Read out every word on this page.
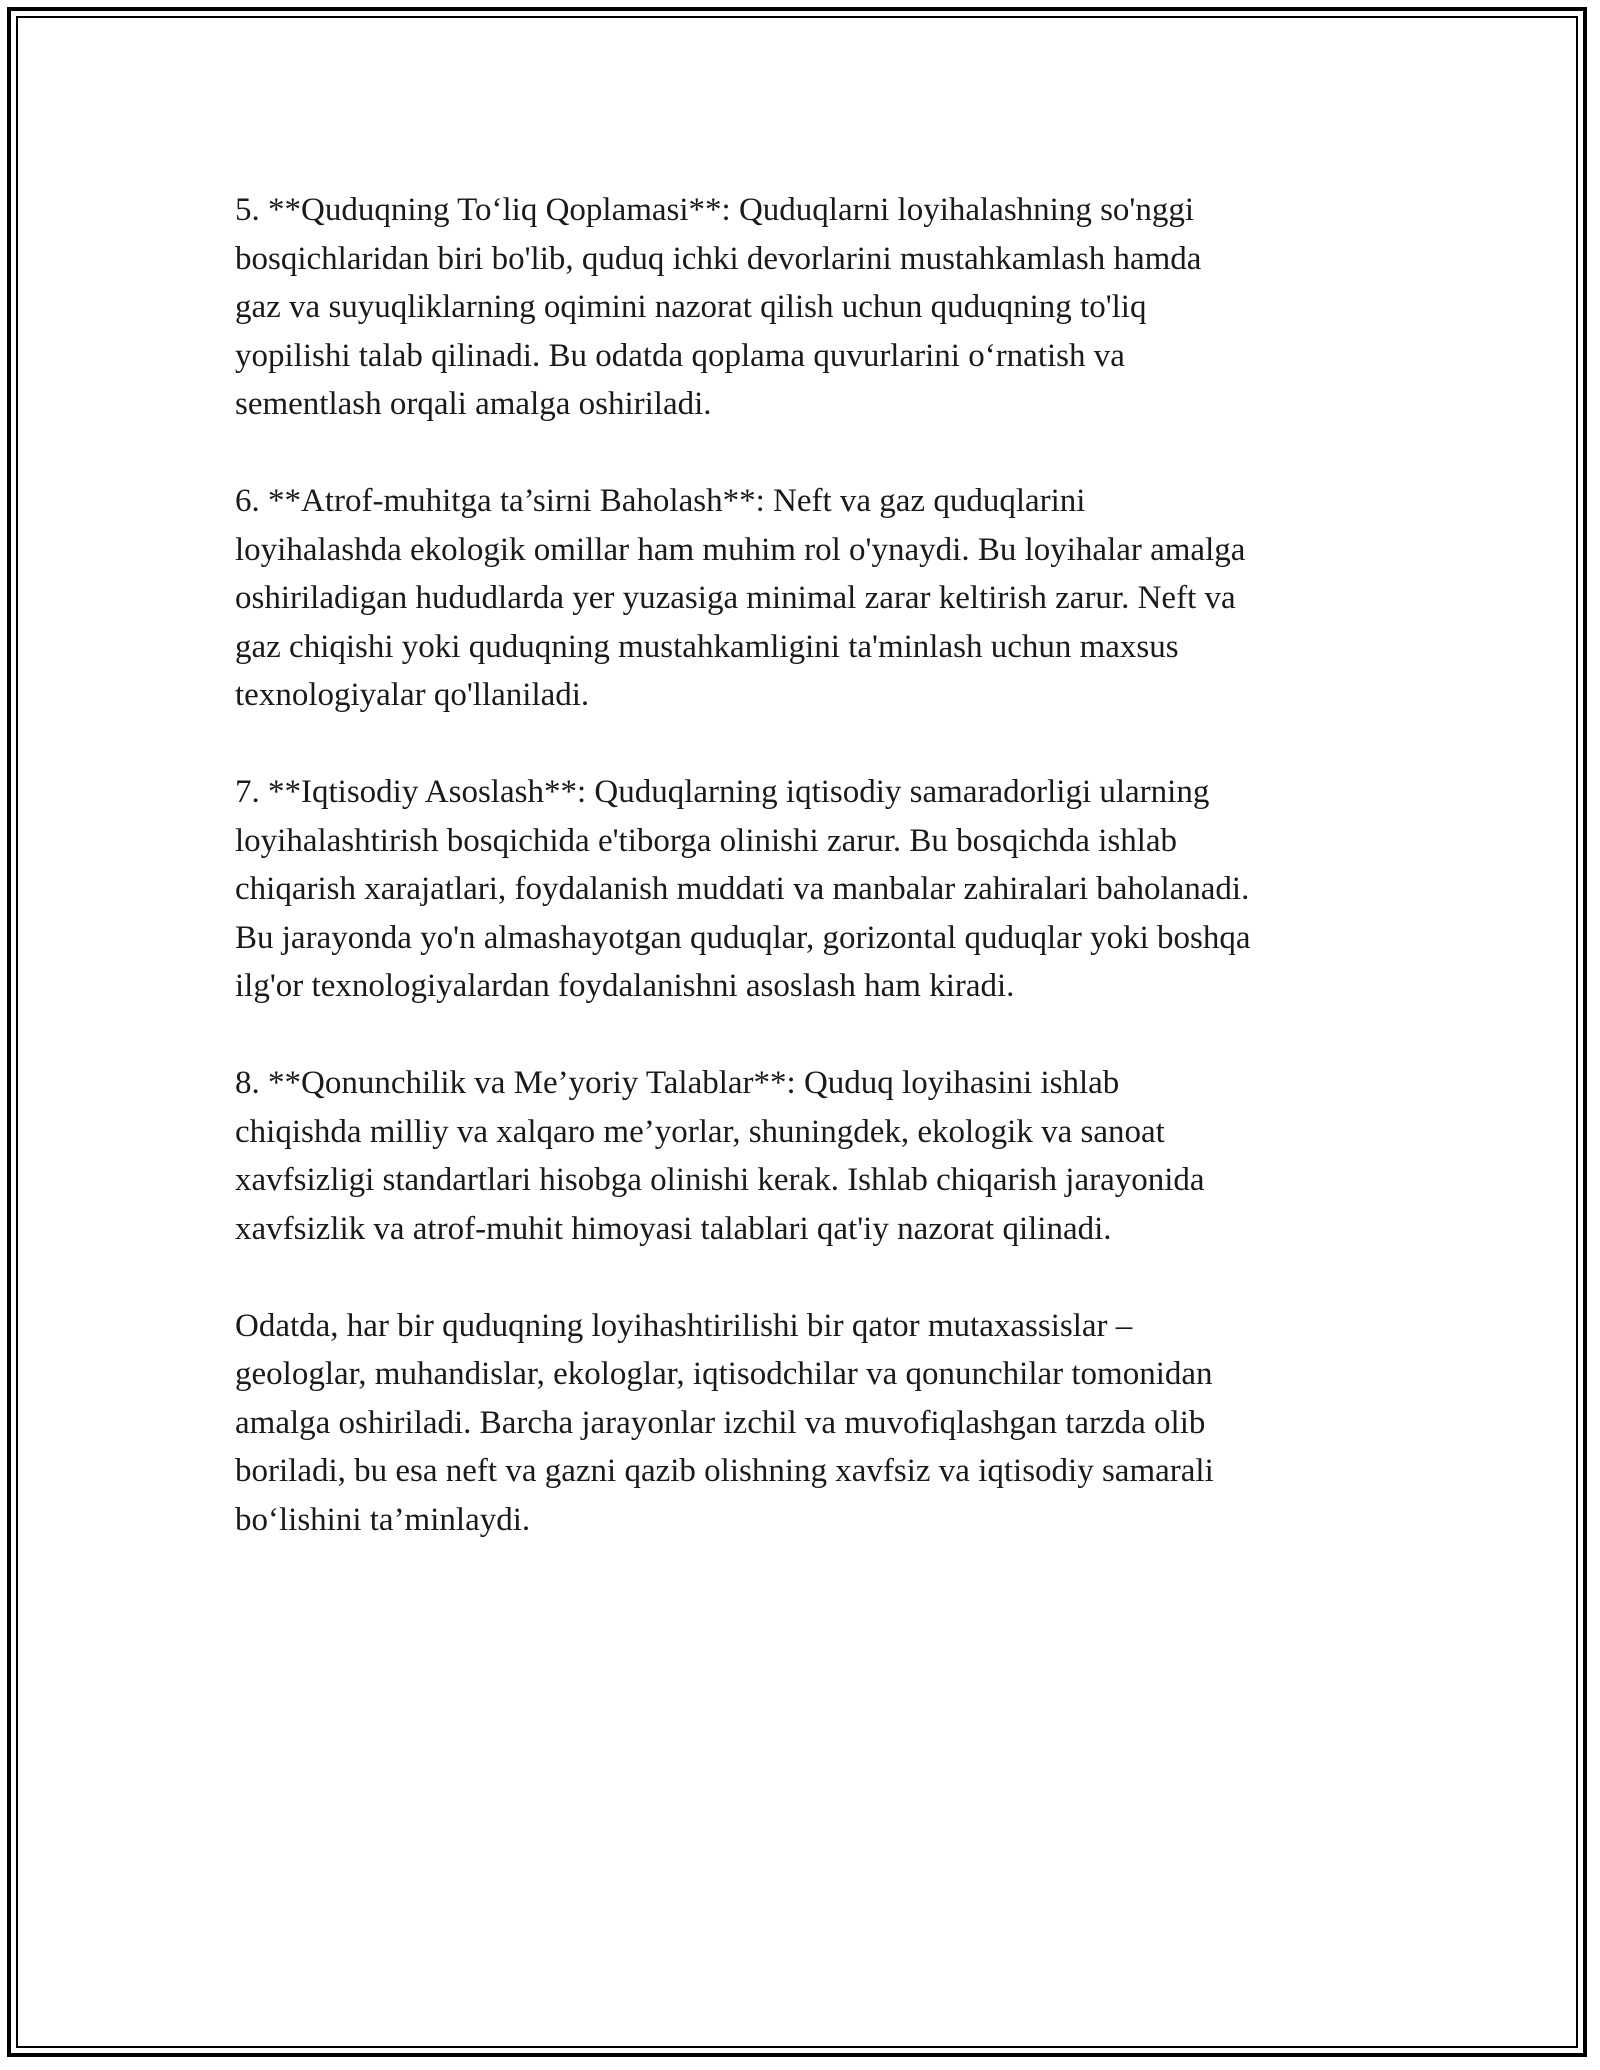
5. **Quduqning To‘liq Qoplamasi**: Quduqlarni loyihalashning so'nggi
bosqichlaridan biri bo'lib, quduq ichki devorlarini mustahkamlash hamda
gaz va suyuqliklarning oqimini nazorat qilish uchun quduqning to'liq
yopilishi talab qilinadi. Bu odatda qoplama quvurlarini o‘rnatish va
sementlash orqali amalga oshiriladi.

6. **Atrof-muhitga ta’sirni Baholash**: Neft va gaz quduqlarini
loyihalashda ekologik omillar ham muhim rol o'ynaydi. Bu loyihalar amalga
oshiriladigan hududlarda yer yuzasiga minimal zarar keltirish zarur. Neft va
gaz chiqishi yoki quduqning mustahkamligini ta'minlash uchun maxsus
texnologiyalar qo'llaniladi.

7. **Iqtisodiy Asoslash**: Quduqlarning iqtisodiy samaradorligi ularning
loyihalashtirish bosqichida e'tiborga olinishi zarur. Bu bosqichda ishlab
chiqarish xarajatlari, foydalanish muddati va manbalar zahiralari baholanadi.
Bu jarayonda yo'n almashayotgan quduqlar, gorizontal quduqlar yoki boshqa
ilg'or texnologiyalardan foydalanishni asoslash ham kiradi.

8. **Qonunchilik va Me’yoriy Talablar**: Quduq loyihasini ishlab
chiqishda milliy va xalqaro me’yorlar, shuningdek, ekologik va sanoat
xavfsizligi standartlari hisobga olinishi kerak. Ishlab chiqarish jarayonida
xavfsizlik va atrof-muhit himoyasi talablari qat'iy nazorat qilinadi.

Odatda, har bir quduqning loyihashtirilishi bir qator mutaxassislar –
geologlar, muhandislar, ekologlar, iqtisodchilar va qonunchilar tomonidan
amalga oshiriladi. Barcha jarayonlar izchil va muvofiqlashgan tarzda olib
boriladi, bu esa neft va gazni qazib olishning xavfsiz va iqtisodiy samarali
bo‘lishini ta’minlaydi.
